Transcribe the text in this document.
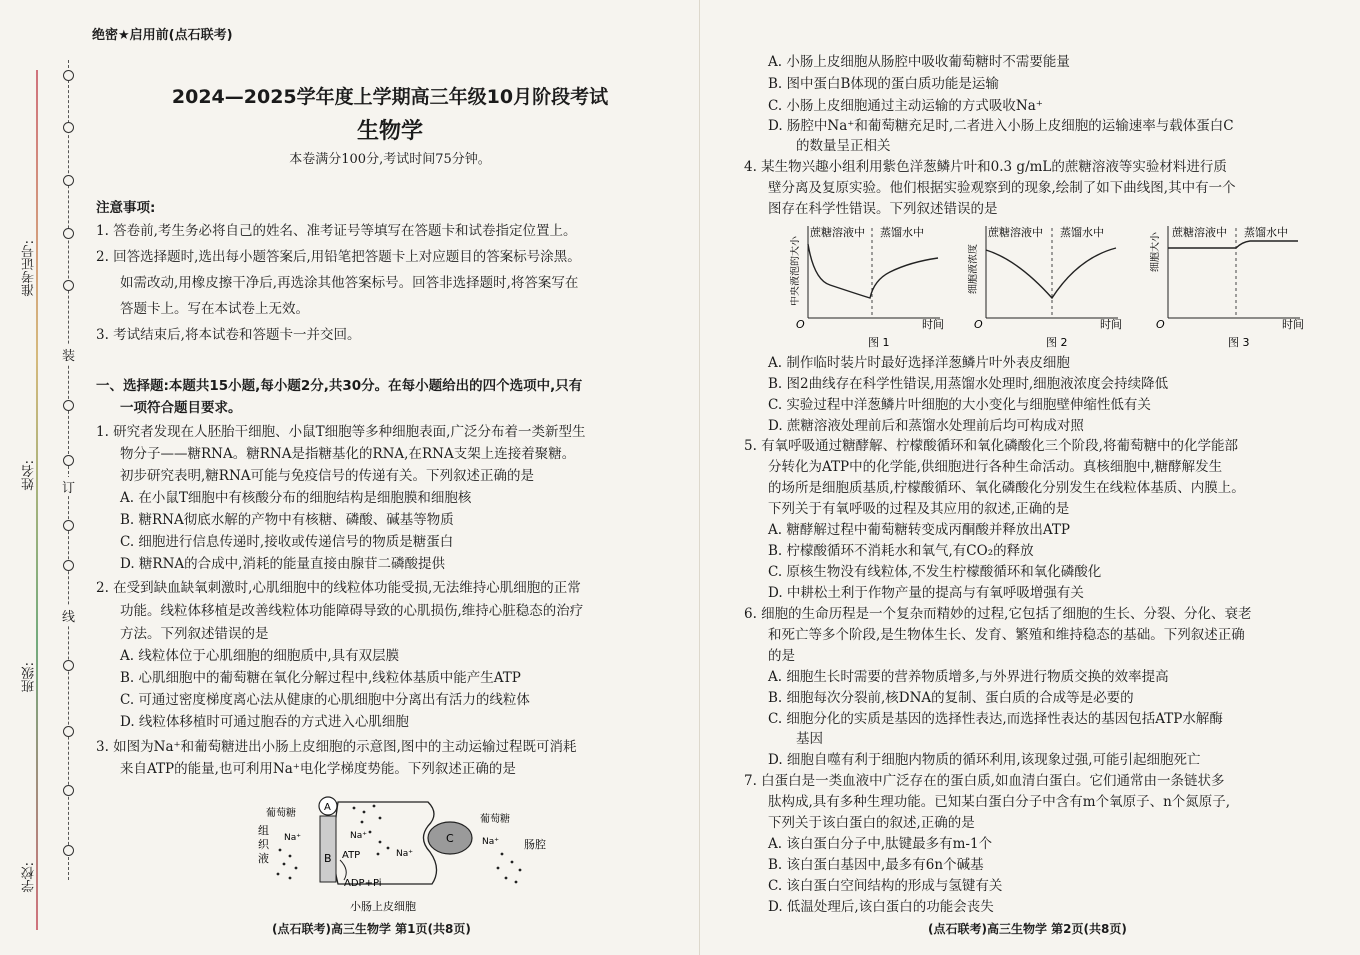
准考证号:
姓名:
班级:
学校:
装
订
线
绝密★启用前(点石联考)
2024—2025学年度上学期高三年级10月阶段考试
生物学
本卷满分100分,考试时间75分钟。
注意事项:
1. 答卷前,考生务必将自己的姓名、准考证号等填写在答题卡和试卷指定位置上。
2. 回答选择题时,选出每小题答案后,用铅笔把答题卡上对应题目的答案标号涂黑。
如需改动,用橡皮擦干净后,再选涂其他答案标号。回答非选择题时,将答案写在
答题卡上。写在本试卷上无效。
3. 考试结束后,将本试卷和答题卡一并交回。
一、选择题:本题共15小题,每小题2分,共30分。在每小题给出的四个选项中,只有
一项符合题目要求。
1. 研究者发现在人胚胎干细胞、小鼠T细胞等多种细胞表面,广泛分布着一类新型生
物分子——糖RNA。糖RNA是指糖基化的RNA,在RNA支架上连接着聚糖。
初步研究表明,糖RNA可能与免疫信号的传递有关。下列叙述正确的是
A. 在小鼠T细胞中有核酸分布的细胞结构是细胞膜和细胞核
B. 糖RNA彻底水解的产物中有核糖、磷酸、碱基等物质
C. 细胞进行信息传递时,接收或传递信号的物质是糖蛋白
D. 糖RNA的合成中,消耗的能量直接由腺苷二磷酸提供
2. 在受到缺血缺氧刺激时,心肌细胞中的线粒体功能受损,无法维持心肌细胞的正常
功能。线粒体移植是改善线粒体功能障碍导致的心肌损伤,维持心脏稳态的治疗
方法。下列叙述错误的是
A. 线粒体位于心肌细胞的细胞质中,具有双层膜
B. 心肌细胞中的葡萄糖在氧化分解过程中,线粒体基质中能产生ATP
C. 可通过密度梯度离心法从健康的心肌细胞中分离出有活力的线粒体
D. 线粒体移植时可通过胞吞的方式进入心肌细胞
3. 如图为Na⁺和葡萄糖进出小肠上皮细胞的示意图,图中的主动运输过程既可消耗
来自ATP的能量,也可利用Na⁺电化学梯度势能。下列叙述正确的是
A
B
C
葡萄糖
葡萄糖
组
织
液
Na⁺	Na⁺
Na⁺
Na⁺
ATP
ADP+Pi
肠腔
小肠上皮细胞
(点石联考)高三生物学 第1页(共8页)
A. 小肠上皮细胞从肠腔中吸收葡萄糖时不需要能量
B. 图中蛋白B体现的蛋白质功能是运输
C. 小肠上皮细胞通过主动运输的方式吸收Na⁺
D. 肠腔中Na⁺和葡萄糖充足时,二者进入小肠上皮细胞的运输速率与载体蛋白C
的数量呈正相关
4. 某生物兴趣小组利用紫色洋葱鳞片叶和0.3 g/mL的蔗糖溶液等实验材料进行质
壁分离及复原实验。他们根据实验观察到的现象,绘制了如下曲线图,其中有一个
图存在科学性错误。下列叙述错误的是
蔗糖溶液中 蒸馏水中
O	时间
中央液泡的大小
图 1
蔗糖溶液中 蒸馏水中
O	时间
细胞液浓度
图 2
蔗糖溶液中 蒸馏水中
O	时间
细胞大小
图 3
A. 制作临时装片时最好选择洋葱鳞片叶外表皮细胞
B. 图2曲线存在科学性错误,用蒸馏水处理时,细胞液浓度会持续降低
C. 实验过程中洋葱鳞片叶细胞的大小变化与细胞壁伸缩性低有关
D. 蔗糖溶液处理前后和蒸馏水处理前后均可构成对照
5. 有氧呼吸通过糖酵解、柠檬酸循环和氧化磷酸化三个阶段,将葡萄糖中的化学能部
分转化为ATP中的化学能,供细胞进行各种生命活动。真核细胞中,糖酵解发生
的场所是细胞质基质,柠檬酸循环、氧化磷酸化分别发生在线粒体基质、内膜上。
下列关于有氧呼吸的过程及其应用的叙述,正确的是
A. 糖酵解过程中葡萄糖转变成丙酮酸并释放出ATP
B. 柠檬酸循环不消耗水和氧气,有CO₂的释放
C. 原核生物没有线粒体,不发生柠檬酸循环和氧化磷酸化
D. 中耕松土利于作物产量的提高与有氧呼吸增强有关
6. 细胞的生命历程是一个复杂而精妙的过程,它包括了细胞的生长、分裂、分化、衰老
和死亡等多个阶段,是生物体生长、发育、繁殖和维持稳态的基础。下列叙述正确
的是
A. 细胞生长时需要的营养物质增多,与外界进行物质交换的效率提高
B. 细胞每次分裂前,核DNA的复制、蛋白质的合成等是必要的
C. 细胞分化的实质是基因的选择性表达,而选择性表达的基因包括ATP水解酶
基因
D. 细胞自噬有利于细胞内物质的循环利用,该现象过强,可能引起细胞死亡
7. 白蛋白是一类血液中广泛存在的蛋白质,如血清白蛋白。它们通常由一条链状多
肽构成,具有多种生理功能。已知某白蛋白分子中含有m个氧原子、n个氮原子,
下列关于该白蛋白的叙述,正确的是
A. 该白蛋白分子中,肽键最多有m-1个
B. 该白蛋白基因中,最多有6n个碱基
C. 该白蛋白空间结构的形成与氢键有关
D. 低温处理后,该白蛋白的功能会丧失
(点石联考)高三生物学 第2页(共8页)
